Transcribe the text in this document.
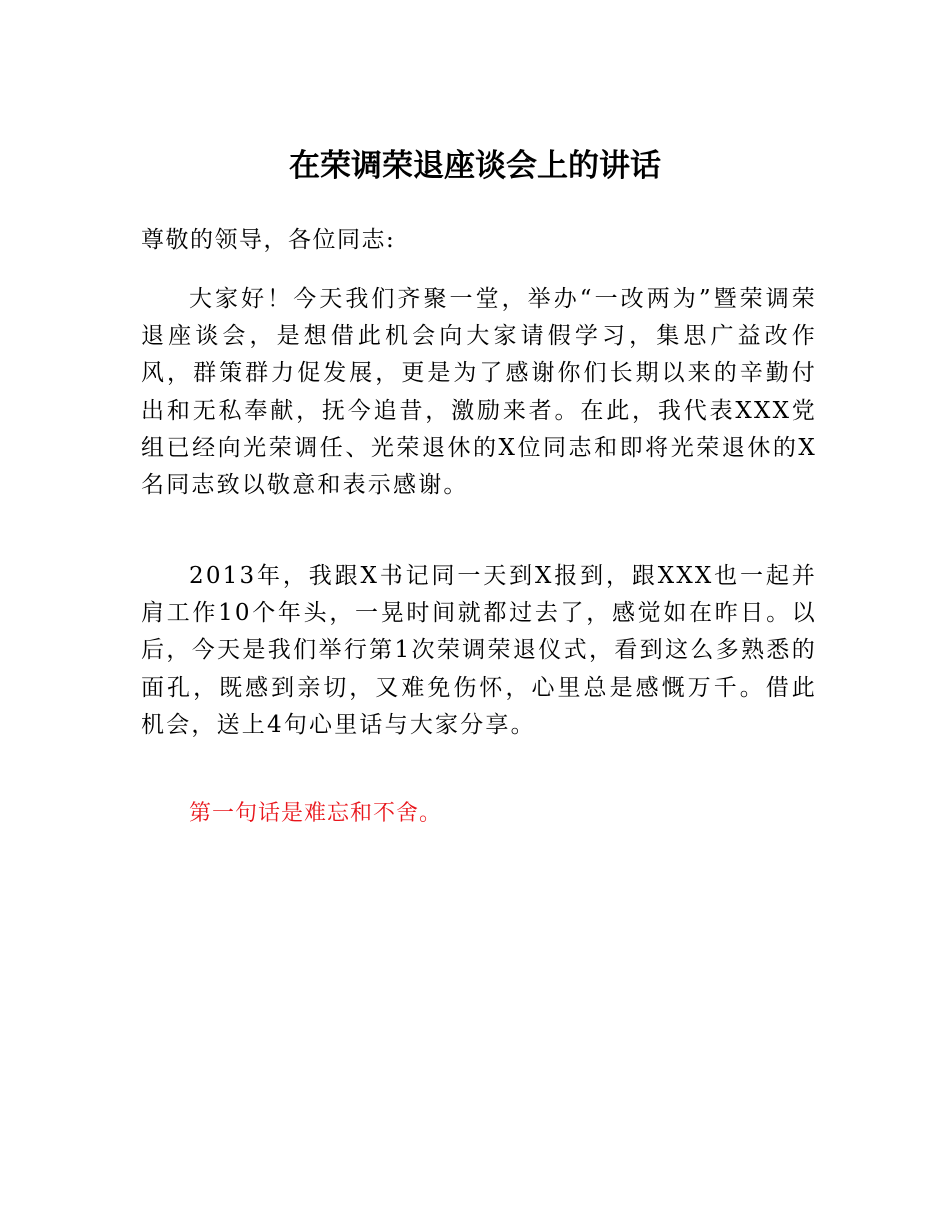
在荣调荣退座谈会上的讲话
尊敬的领导，各位同志:

大家好！今天我们齐聚一堂，举办“一改两为”暨荣调荣退座谈会，是想借此机会向大家请假学习，集思广益改作风，群策群力促发展，更是为了感谢你们长期以来的辛勤付出和无私奉献，抚今追昔，激励来者。在此，我代表XXX党组已经向光荣调任、光荣退休的X位同志和即将光荣退休的X名同志致以敬意和表示感谢。

2013年，我跟X书记同一天到X报到，跟XXX也一起并肩工作10个年头，一晃时间就都过去了，感觉如在昨日。以后，今天是我们举行第1次荣调荣退仪式，看到这么多熟悉的面孔，既感到亲切，又难免伤怀，心里总是感慨万千。借此机会，送上4句心里话与大家分享。

第一句话是难忘和不舍。
